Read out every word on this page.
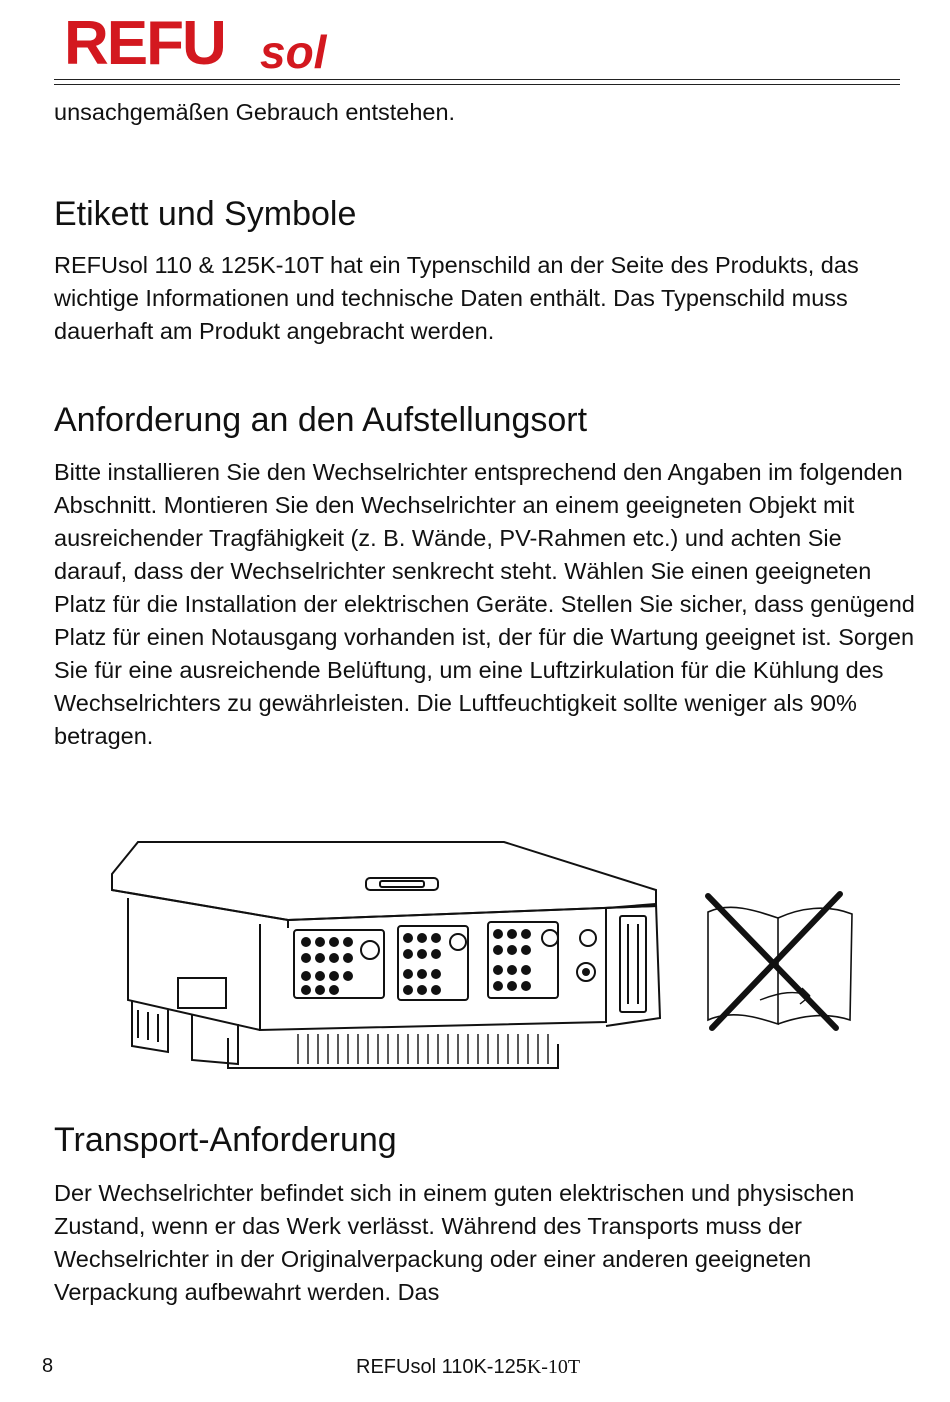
REFU sol

unsachgemäßen Gebrauch entstehen.

Etikett und Symbole

REFUsol 110 & 125K-10T hat ein Typenschild an der Seite des Produkts, das wichtige Informationen und technische Daten enthält. Das Typenschild muss dauerhaft am Produkt angebracht werden.

Anforderung an den Aufstellungsort

Bitte installieren Sie den Wechselrichter entsprechend den Angaben im folgenden Abschnitt. Montieren Sie den Wechselrichter an einem geeigneten Objekt mit ausreichender Tragfähigkeit (z. B. Wände, PV-Rahmen etc.) und achten Sie darauf, dass der Wechselrichter senkrecht steht. Wählen Sie einen geeigneten Platz für die Installation der elektrischen Geräte. Stellen Sie sicher, dass genügend Platz für einen Notausgang vorhanden ist, der für die Wartung geeignet ist. Sorgen Sie für eine ausreichende Belüftung, um eine Luftzirkulation für die Kühlung des Wechselrichters zu gewährleisten. Die Luftfeuchtigkeit sollte weniger als 90% betragen.

Transport-Anforderung

Der Wechselrichter befindet sich in einem guten elektrischen und physischen Zustand, wenn er das Werk verlässt. Während des Transports muss der Wechselrichter in der Originalverpackung oder einer anderen geeigneten Verpackung aufbewahrt werden. Das

8	REFUsol 110K-125K-10T
